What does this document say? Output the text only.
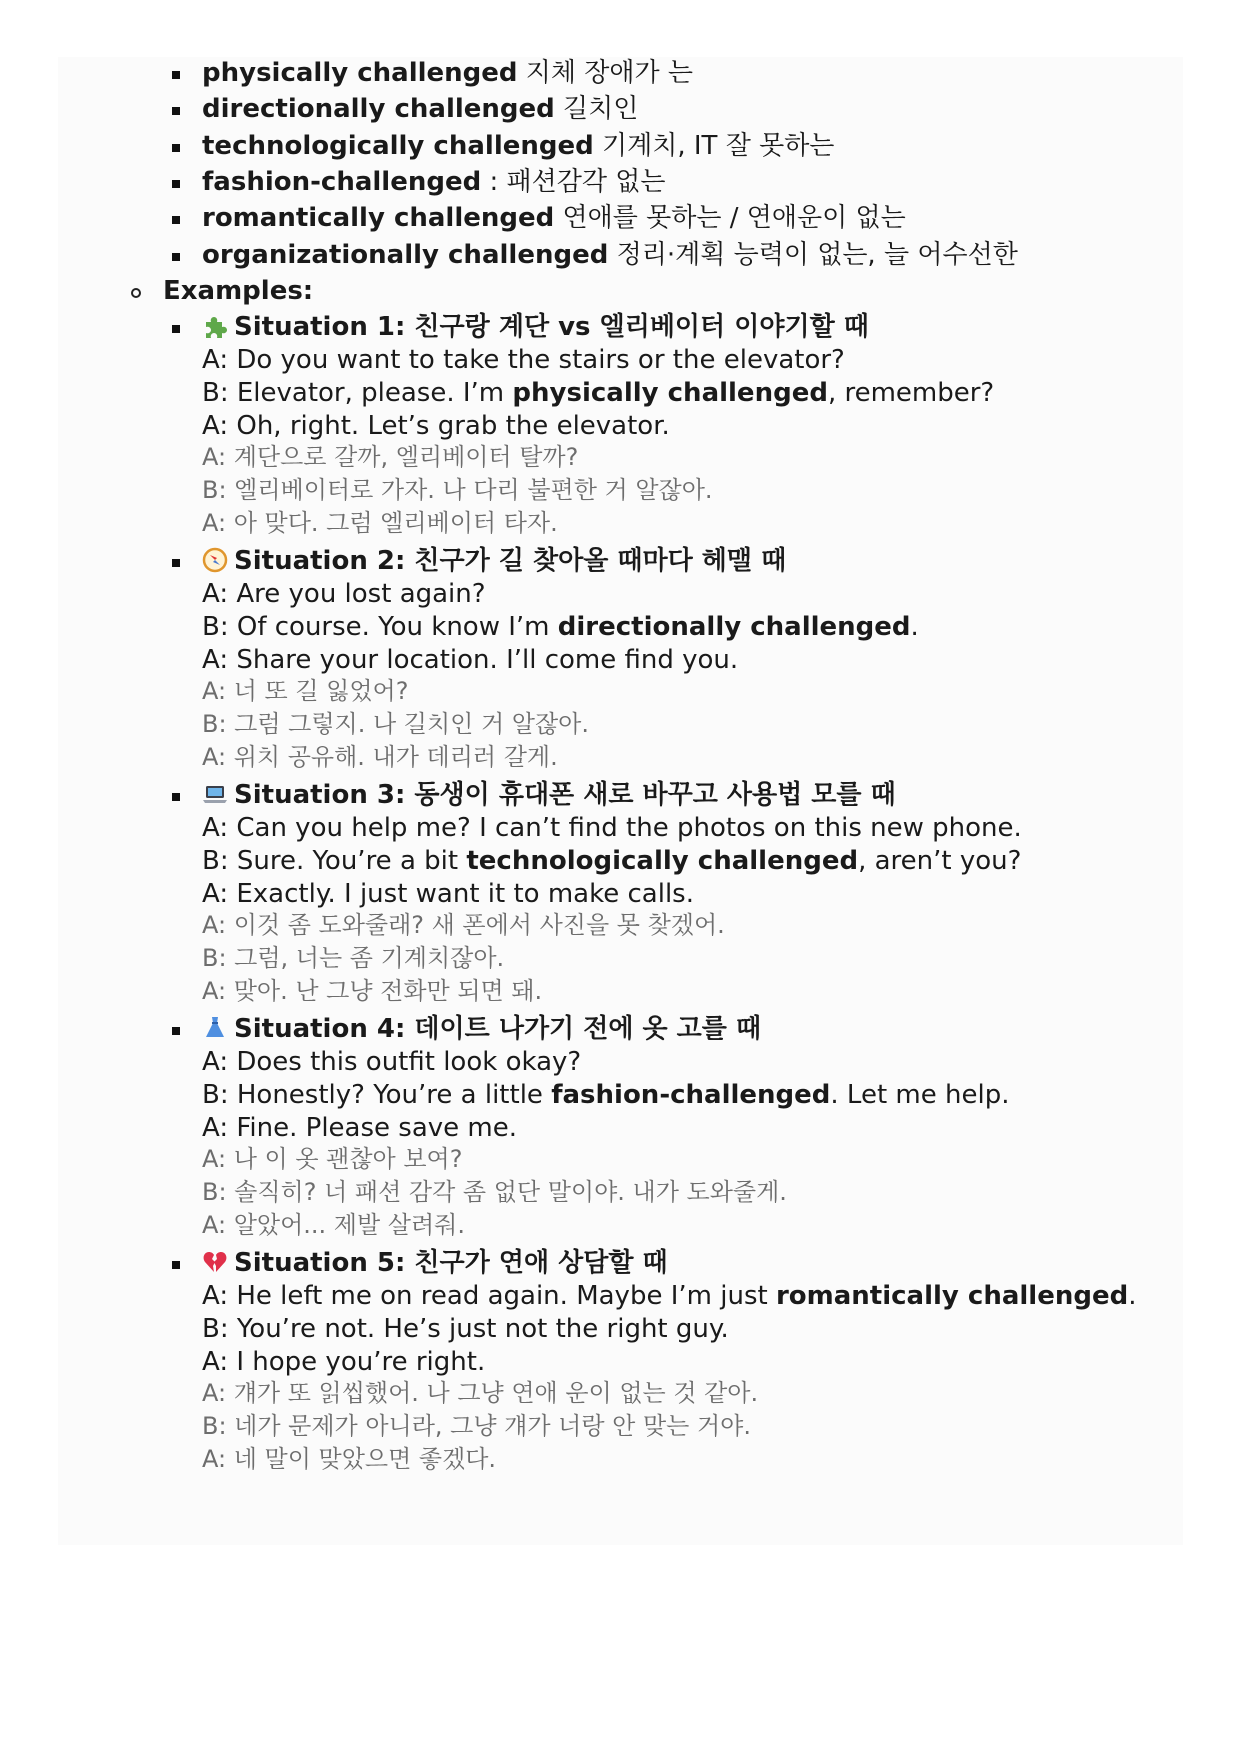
physically challenged 지체 장애가 는
directionally challenged 길치인
technologically challenged 기계치, IT 잘 못하는
fashion-challenged : 패션감각 없는
romantically challenged 연애를 못하는 / 연애운이 없는
organizationally challenged 정리·계획 능력이 없는, 늘 어수선한
Examples:
Situation 1: 친구랑 계단 vs 엘리베이터 이야기할 때
A: Do you want to take the stairs or the elevator?
B: Elevator, please. I’m physically challenged, remember?
A: Oh, right. Let’s grab the elevator.
A: 계단으로 갈까, 엘리베이터 탈까?
B: 엘리베이터로 가자. 나 다리 불편한 거 알잖아.
A: 아 맞다. 그럼 엘리베이터 타자.
Situation 2: 친구가 길 찾아올 때마다 헤맬 때
A: Are you lost again?
B: Of course. You know I’m directionally challenged.
A: Share your location. I’ll come find you.
A: 너 또 길 잃었어?
B: 그럼 그렇지. 나 길치인 거 알잖아.
A: 위치 공유해. 내가 데리러 갈게.
Situation 3: 동생이 휴대폰 새로 바꾸고 사용법 모를 때
A: Can you help me? I can’t find the photos on this new phone.
B: Sure. You’re a bit technologically challenged, aren’t you?
A: Exactly. I just want it to make calls.
A: 이것 좀 도와줄래? 새 폰에서 사진을 못 찾겠어.
B: 그럼, 너는 좀 기계치잖아.
A: 맞아. 난 그냥 전화만 되면 돼.
Situation 4: 데이트 나가기 전에 옷 고를 때
A: Does this outfit look okay?
B: Honestly? You’re a little fashion-challenged. Let me help.
A: Fine. Please save me.
A: 나 이 옷 괜찮아 보여?
B: 솔직히? 너 패션 감각 좀 없단 말이야. 내가 도와줄게.
A: 알았어... 제발 살려줘.
Situation 5: 친구가 연애 상담할 때
A: He left me on read again. Maybe I’m just romantically challenged.
B: You’re not. He’s just not the right guy.
A: I hope you’re right.
A: 걔가 또 읽씹했어. 나 그냥 연애 운이 없는 것 같아.
B: 네가 문제가 아니라, 그냥 걔가 너랑 안 맞는 거야.
A: 네 말이 맞았으면 좋겠다.
